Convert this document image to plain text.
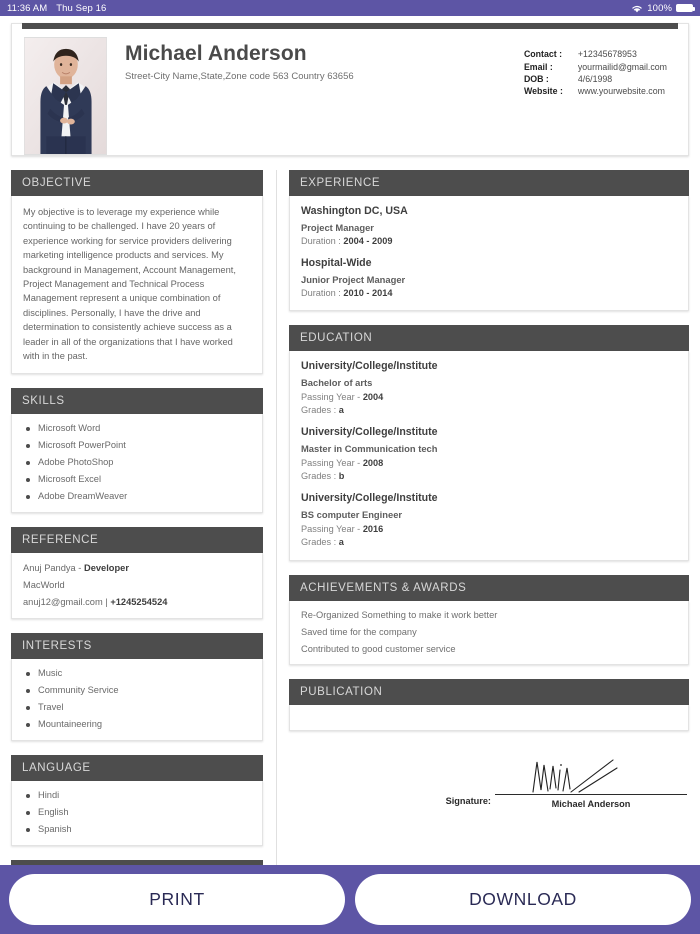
11:36 AM Thu Sep 16	100%
Michael Anderson
Street-City Name,State,Zone code 563 Country 63656
Contact :	+12345678953
Email :	yourmailid@gmail.com
DOB :	4/6/1998
Website :	www.yourwebsite.com
OBJECTIVE
My objective is to leverage my experience while continuing to be challenged. I have 20 years of experience working for service providers delivering marketing intelligence products and services. My background in Management, Account Management, Project Management and Technical Process Management represent a unique combination of disciplines. Personally, I have the drive and determination to consistently achieve success as a leader in all of the organizations that I have worked with in the past.
SKILLS
Microsoft Word
Microsoft PowerPoint
Adobe PhotoShop
Microsoft Excel
Adobe DreamWeaver
REFERENCE
Anuj Pandya - Developer
MacWorld
anuj12@gmail.com | +1245254524
INTERESTS
Music
Community Service
Travel
Mountaineering
LANGUAGE
Hindi
English
Spanish
EXPERIENCE
Washington DC, USA
Project Manager
Duration : 2004 - 2009
Hospital-Wide
Junior Project Manager
Duration : 2010 - 2014
EDUCATION
University/College/Institute
Bachelor of arts
Passing Year - 2004
Grades : a
University/College/Institute
Master in Communication tech
Passing Year - 2008
Grades : b
University/College/Institute
BS computer Engineer
Passing Year - 2016
Grades : a
ACHIEVEMENTS & AWARDS
Re-Organized Something to make it work better
Saved time for the company
Contributed to good customer service
PUBLICATION
Signature:	Michael Anderson
PRINT	DOWNLOAD
